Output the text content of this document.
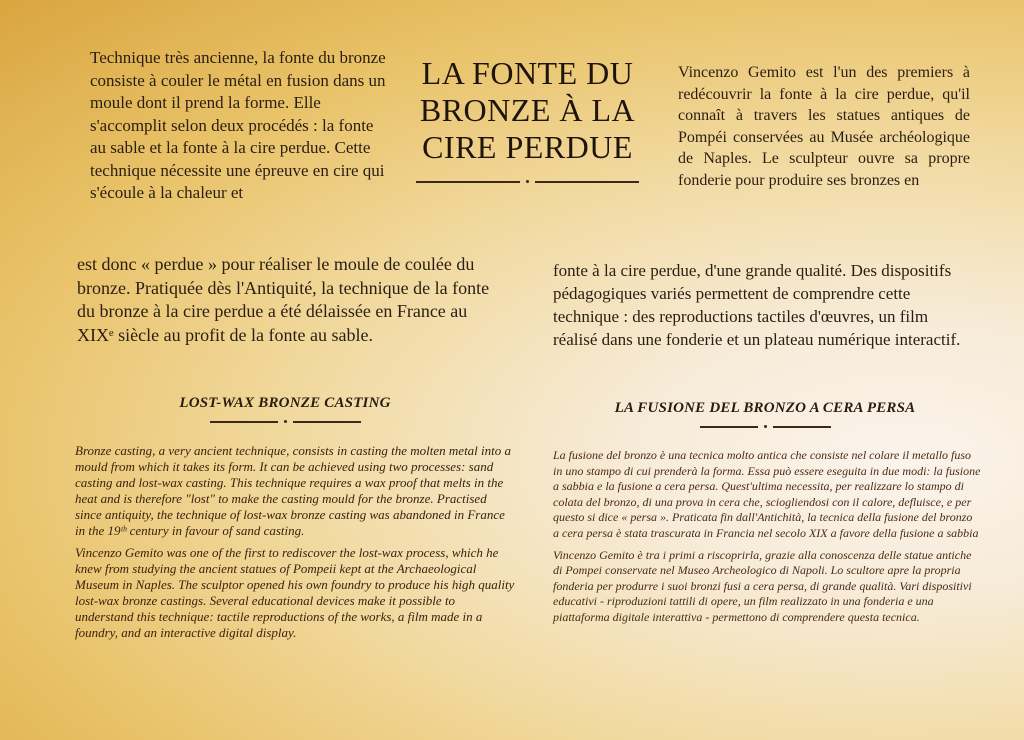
Technique très ancienne, la fonte du bronze consiste à couler le métal en fusion dans un moule dont il prend la forme. Elle s'accomplit selon deux procédés : la fonte au sable et la fonte à la cire perdue. Cette technique nécessite une épreuve en cire qui s'écoule à la chaleur et

LA FONTE DU BRONZE À LA CIRE PERDUE

Vincenzo Gemito est l'un des premiers à redécouvrir la fonte à la cire perdue, qu'il connaît à travers les statues antiques de Pompéi conservées au Musée archéologique de Naples. Le sculpteur ouvre sa propre fonderie pour produire ses bronzes en

est donc « perdue » pour réaliser le moule de coulée du bronze. Pratiquée dès l'Antiquité, la technique de la fonte du bronze à la cire perdue a été délaissée en France au XIXᵉ siècle au profit de la fonte au sable.

fonte à la cire perdue, d'une grande qualité. Des dispositifs pédagogiques variés permettent de comprendre cette technique : des reproductions tactiles d'œuvres, un film réalisé dans une fonderie et un plateau numérique interactif.

LOST-WAX BRONZE CASTING	LA FUSIONE DEL BRONZO A CERA PERSA

Bronze casting, a very ancient technique, consists in casting the molten metal into a mould from which it takes its form. It can be achieved using two processes: sand casting and lost-wax casting. This technique requires a wax proof that melts in the heat and is therefore "lost" to make the casting mould for the bronze. Practised since antiquity, the technique of lost-wax bronze casting was abandoned in France in the 19ᵗʰ century in favour of sand casting.

Vincenzo Gemito was one of the first to rediscover the lost-wax process, which he knew from studying the ancient statues of Pompeii kept at the Archaeological Museum in Naples. The sculptor opened his own foundry to produce his high quality lost-wax bronze castings. Several educational devices make it possible to understand this technique: tactile reproductions of the works, a film made in a foundry, and an interactive digital display.

La fusione del bronzo è una tecnica molto antica che consiste nel colare il metallo fuso in uno stampo di cui prenderà la forma. Essa può essere eseguita in due modi: la fusione a sabbia e la fusione a cera persa. Quest'ultima necessita, per realizzare lo stampo di colata del bronzo, di una prova in cera che, sciogliendosi con il calore, defluisce, e per questo si dice « persa ». Praticata fin dall'Antichità, la tecnica della fusione del bronzo a cera persa è stata trascurata in Francia nel secolo XIX a favore della fusione a sabbia

Vincenzo Gemito è tra i primi a riscoprirla, grazie alla conoscenza delle statue antiche di Pompei conservate nel Museo Archeologico di Napoli. Lo scultore apre la propria fonderia per produrre i suoi bronzi fusi a cera persa, di grande qualità. Vari dispositivi educativi - riproduzioni tattili di opere, un film realizzato in una fonderia e una piattaforma digitale interattiva - permettono di comprendere questa tecnica.
